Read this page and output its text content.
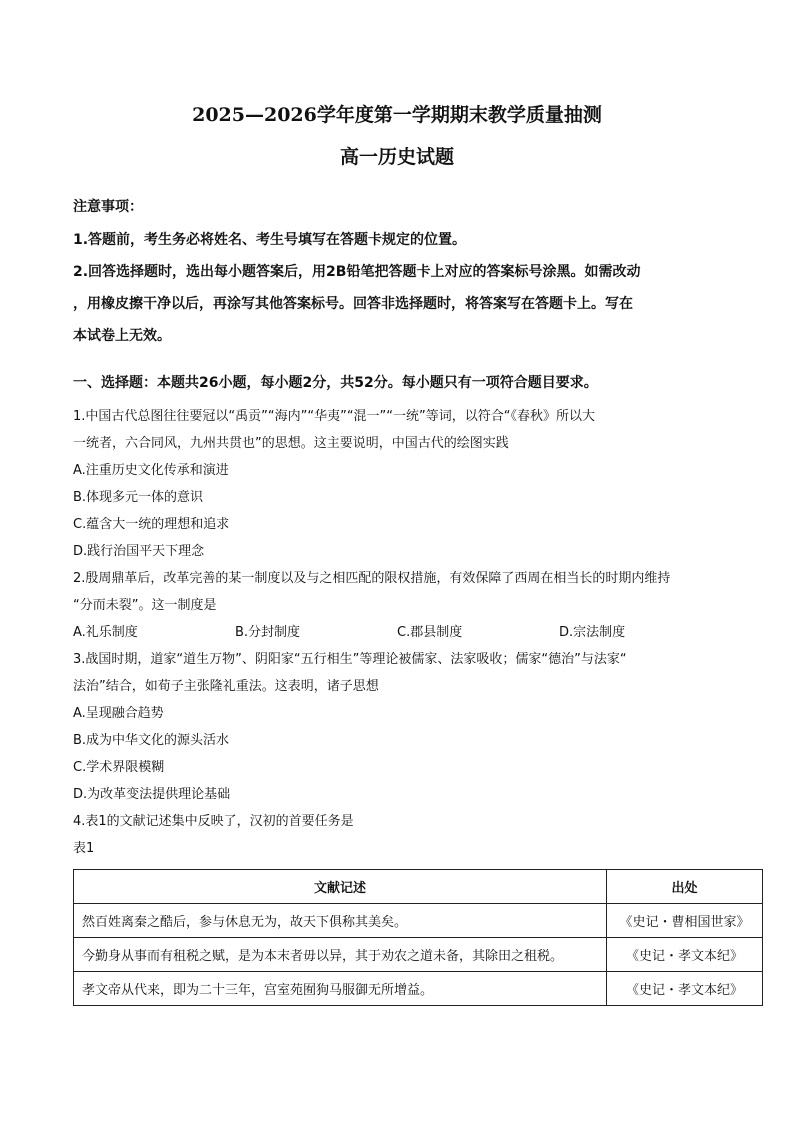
2025—2026学年度第一学期期末教学质量抽测
高一历史试题
注意事项：
1.答题前，考生务必将姓名、考生号填写在答题卡规定的位置。
2.回答选择题时，选出每小题答案后，用2B铅笔把答题卡上对应的答案标号涂黑。如需改动
，用橡皮擦干净以后，再涂写其他答案标号。回答非选择题时，将答案写在答题卡上。写在
本试卷上无效。
一、选择题：本题共26小题，每小题2分，共52分。每小题只有一项符合题目要求。
1.中国古代总图往往要冠以“禹贡”“海内”“华夷”“混一”“一统”等词，以符合“《春秋》所以大
一统者，六合同风，九州共贯也”的思想。这主要说明，中国古代的绘图实践
A.注重历史文化传承和演进
B.体现多元一体的意识
C.蕴含大一统的理想和追求
D.践行治国平天下理念
2.殷周鼎革后，改革完善的某一制度以及与之相匹配的限权措施，有效保障了西周在相当长的时期内维持
“分而未裂”。这一制度是
A.礼乐制度	B.分封制度	C.郡县制度	D.宗法制度
3.战国时期，道家“道生万物”、阴阳家“五行相生”等理论被儒家、法家吸收；儒家“德治”与法家“
法治”结合，如荀子主张隆礼重法。这表明，诸子思想
A.呈现融合趋势
B.成为中华文化的源头活水
C.学术界限模糊
D.为改革变法提供理论基础
4.表1的文献记述集中反映了，汉初的首要任务是
表1
文献记述	出处
然百姓离秦之酷后，参与休息无为，故天下俱称其美矣。	《史记・曹相国世家》
今勤身从事而有租税之赋，是为本末者毋以异，其于劝农之道未备，其除田之租税。	《史记・孝文本纪》
孝文帝从代来，即为二十三年，宫室苑囿狗马服御无所增益。	《史记・孝文本纪》
